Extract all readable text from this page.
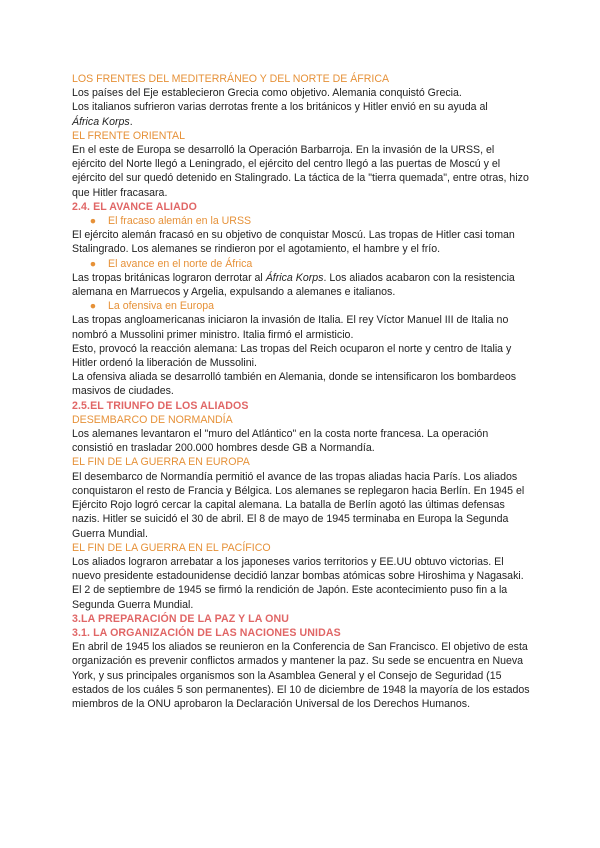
LOS FRENTES DEL MEDITERRÁNEO Y DEL NORTE DE ÁFRICA

Los países del Eje establecieron Grecia como objetivo. Alemania conquistó Grecia.

Los italianos sufrieron varias derrotas frente a los británicos y Hitler envió en su ayuda al
África Korps.

EL FRENTE ORIENTAL

En el este de Europa se desarrolló la Operación Barbarroja. En la invasión de la URSS, el ejército del Norte llegó a Leningrado, el ejército del centro llegó a las puertas de Moscú y el ejército del sur quedó detenido en Stalingrado. La táctica de la "tierra quemada", entre otras, hizo que Hitler fracasara.

2.4. EL AVANCE ALIADO

● El fracaso alemán en la URSS

El ejército alemán fracasó en su objetivo de conquistar Moscú. Las tropas de Hitler casi toman Stalingrado. Los alemanes se rindieron por el agotamiento, el hambre y el frío.

● El avance en el norte de África

Las tropas británicas lograron derrotar al África Korps. Los aliados acabaron con la resistencia alemana en Marruecos y Argelia, expulsando a alemanes e italianos.

● La ofensiva en Europa

Las tropas angloamericanas iniciaron la invasión de Italia. El rey Víctor Manuel III de Italia no nombró a Mussolini primer ministro. Italia firmó el armisticio.

Esto, provocó la reacción alemana: Las tropas del Reich ocuparon el norte y centro de Italia y Hitler ordenó la liberación de Mussolini.

La ofensiva aliada se desarrolló también en Alemania, donde se intensificaron los bombardeos masivos de ciudades.

2.5.EL TRIUNFO DE LOS ALIADOS

DESEMBARCO DE NORMANDÍA

Los alemanes levantaron el "muro del Atlántico" en la costa norte francesa. La operación consistió en trasladar 200.000 hombres desde GB a Normandía.

EL FIN DE LA GUERRA EN EUROPA

El desembarco de Normandía permitió el avance de las tropas aliadas hacia París. Los aliados conquistaron el resto de Francia y Bélgica. Los alemanes se replegaron hacia Berlín. En 1945 el Ejército Rojo logró cercar la capital alemana. La batalla de Berlín agotó las últimas defensas nazis. Hitler se suicidó el 30 de abril. El 8 de mayo de 1945 terminaba en Europa la Segunda Guerra Mundial.

EL FIN DE LA GUERRA EN EL PACÍFICO

Los aliados lograron arrebatar a los japoneses varios territorios y EE.UU obtuvo victorias. El nuevo presidente estadounidense decidió lanzar bombas atómicas sobre Hiroshima y Nagasaki. El 2 de septiembre de 1945 se firmó la rendición de Japón. Este acontecimiento puso fin a la Segunda Guerra Mundial.

3.LA PREPARACIÓN DE LA PAZ Y LA ONU

3.1. LA ORGANIZACIÓN DE LAS NACIONES UNIDAS

En abril de 1945 los aliados se reunieron en la Conferencia de San Francisco. El objetivo de esta organización es prevenir conflictos armados y mantener la paz. Su sede se encuentra en Nueva York, y sus principales organismos son la Asamblea General y el Consejo de Seguridad (15 estados de los cuáles 5 son permanentes). El 10 de diciembre de 1948 la mayoría de los estados miembros de la ONU aprobaron la Declaración Universal de los Derechos Humanos.
